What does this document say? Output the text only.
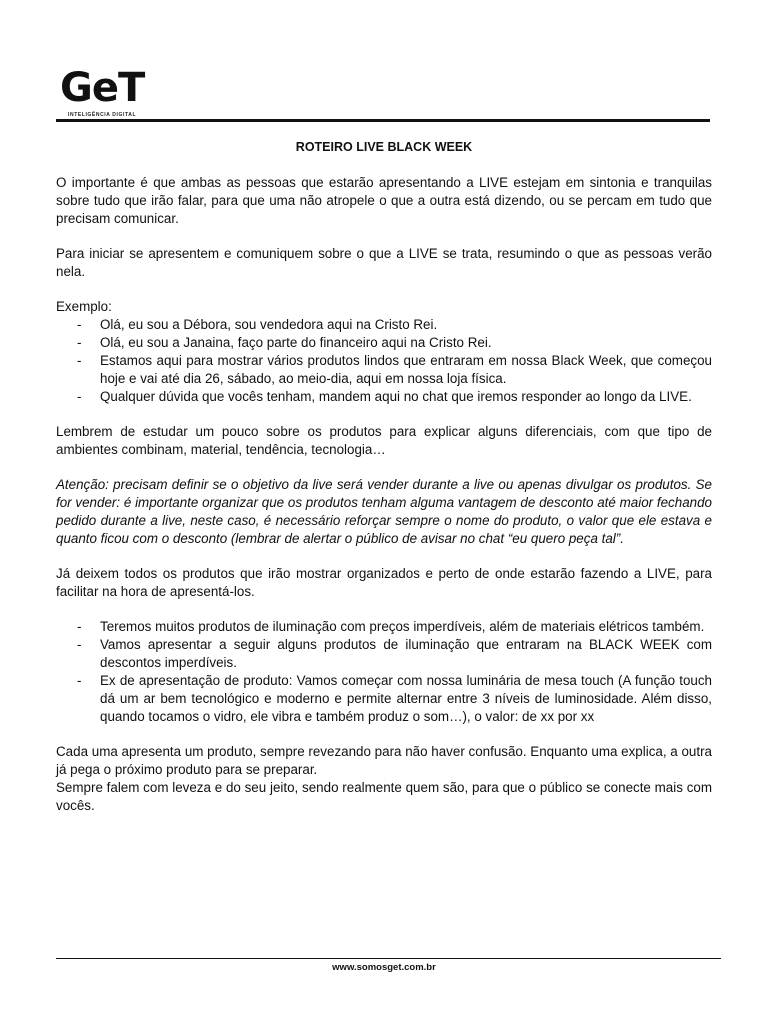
GeT
INTELIGÊNCIA DIGITAL
ROTEIRO LIVE BLACK WEEK

O importante é que ambas as pessoas que estarão apresentando a LIVE estejam em sintonia e tranquilas sobre tudo que irão falar, para que uma não atropele o que a outra está dizendo, ou se percam em tudo que precisam comunicar.

Para iniciar se apresentem e comuniquem sobre o que a LIVE se trata, resumindo o que as pessoas verão nela.

Exemplo:
- Olá, eu sou a Débora, sou vendedora aqui na Cristo Rei.
- Olá, eu sou a Janaina, faço parte do financeiro aqui na Cristo Rei.
- Estamos aqui para mostrar vários produtos lindos que entraram em nossa Black Week, que começou hoje e vai até dia 26, sábado, ao meio-dia, aqui em nossa loja física.
- Qualquer dúvida que vocês tenham, mandem aqui no chat que iremos responder ao longo da LIVE.

Lembrem de estudar um pouco sobre os produtos para explicar alguns diferenciais, com que tipo de ambientes combinam, material, tendência, tecnologia…

Atenção: precisam definir se o objetivo da live será vender durante a live ou apenas divulgar os produtos. Se for vender: é importante organizar que os produtos tenham alguma vantagem de desconto até maior fechando pedido durante a live, neste caso, é necessário reforçar sempre o nome do produto, o valor que ele estava e quanto ficou com o desconto (lembrar de alertar o público de avisar no chat “eu quero peça tal”.

Já deixem todos os produtos que irão mostrar organizados e perto de onde estarão fazendo a LIVE, para facilitar na hora de apresentá-los.

- Teremos muitos produtos de iluminação com preços imperdíveis, além de materiais elétricos também.
- Vamos apresentar a seguir alguns produtos de iluminação que entraram na BLACK WEEK com descontos imperdíveis.
- Ex de apresentação de produto: Vamos começar com nossa luminária de mesa touch (A função touch dá um ar bem tecnológico e moderno e permite alternar entre 3 níveis de luminosidade. Além disso, quando tocamos o vidro, ele vibra e também produz o som…), o valor: de xx por xx

Cada uma apresenta um produto, sempre revezando para não haver confusão. Enquanto uma explica, a outra já pega o próximo produto para se preparar.

Sempre falem com leveza e do seu jeito, sendo realmente quem são, para que o público se conecte mais com vocês.

www.somosget.com.br
